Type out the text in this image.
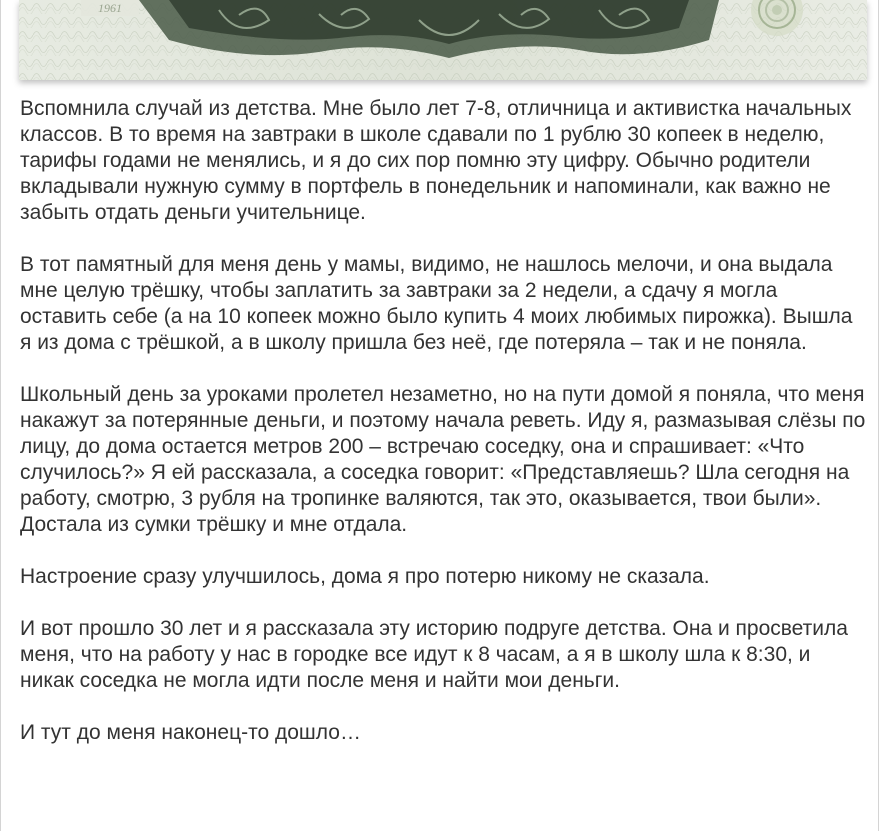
1961

Вспомнила случай из детства. Мне было лет 7-8, отличница и активистка начальных классов. В то время на завтраки в школе сдавали по 1 рублю 30 копеек в неделю, тарифы годами не менялись, и я до сих пор помню эту цифру. Обычно родители вкладывали нужную сумму в портфель в понедельник и напоминали, как важно не забыть отдать деньги учительнице.

В тот памятный для меня день у мамы, видимо, не нашлось мелочи, и она выдала мне целую трёшку, чтобы заплатить за завтраки за 2 недели, а сдачу я могла оставить себе (а на 10 копеек можно было купить 4 моих любимых пирожка). Вышла я из дома с трёшкой, а в школу пришла без неё, где потеряла – так и не поняла.

Школьный день за уроками пролетел незаметно, но на пути домой я поняла, что меня накажут за потерянные деньги, и поэтому начала реветь. Иду я, размазывая слёзы по лицу, до дома остается метров 200 – встречаю соседку, она и спрашивает: «Что случилось?» Я ей рассказала, а соседка говорит: «Представляешь? Шла сегодня на работу, смотрю, 3 рубля на тропинке валяются, так это, оказывается, твои были». Достала из сумки трёшку и мне отдала.

Настроение сразу улучшилось, дома я про потерю никому не сказала.

И вот прошло 30 лет и я рассказала эту историю подруге детства. Она и просветила меня, что на работу у нас в городке все идут к 8 часам, а я в школу шла к 8:30, и никак соседка не могла идти после меня и найти мои деньги.

И тут до меня наконец-то дошло…
